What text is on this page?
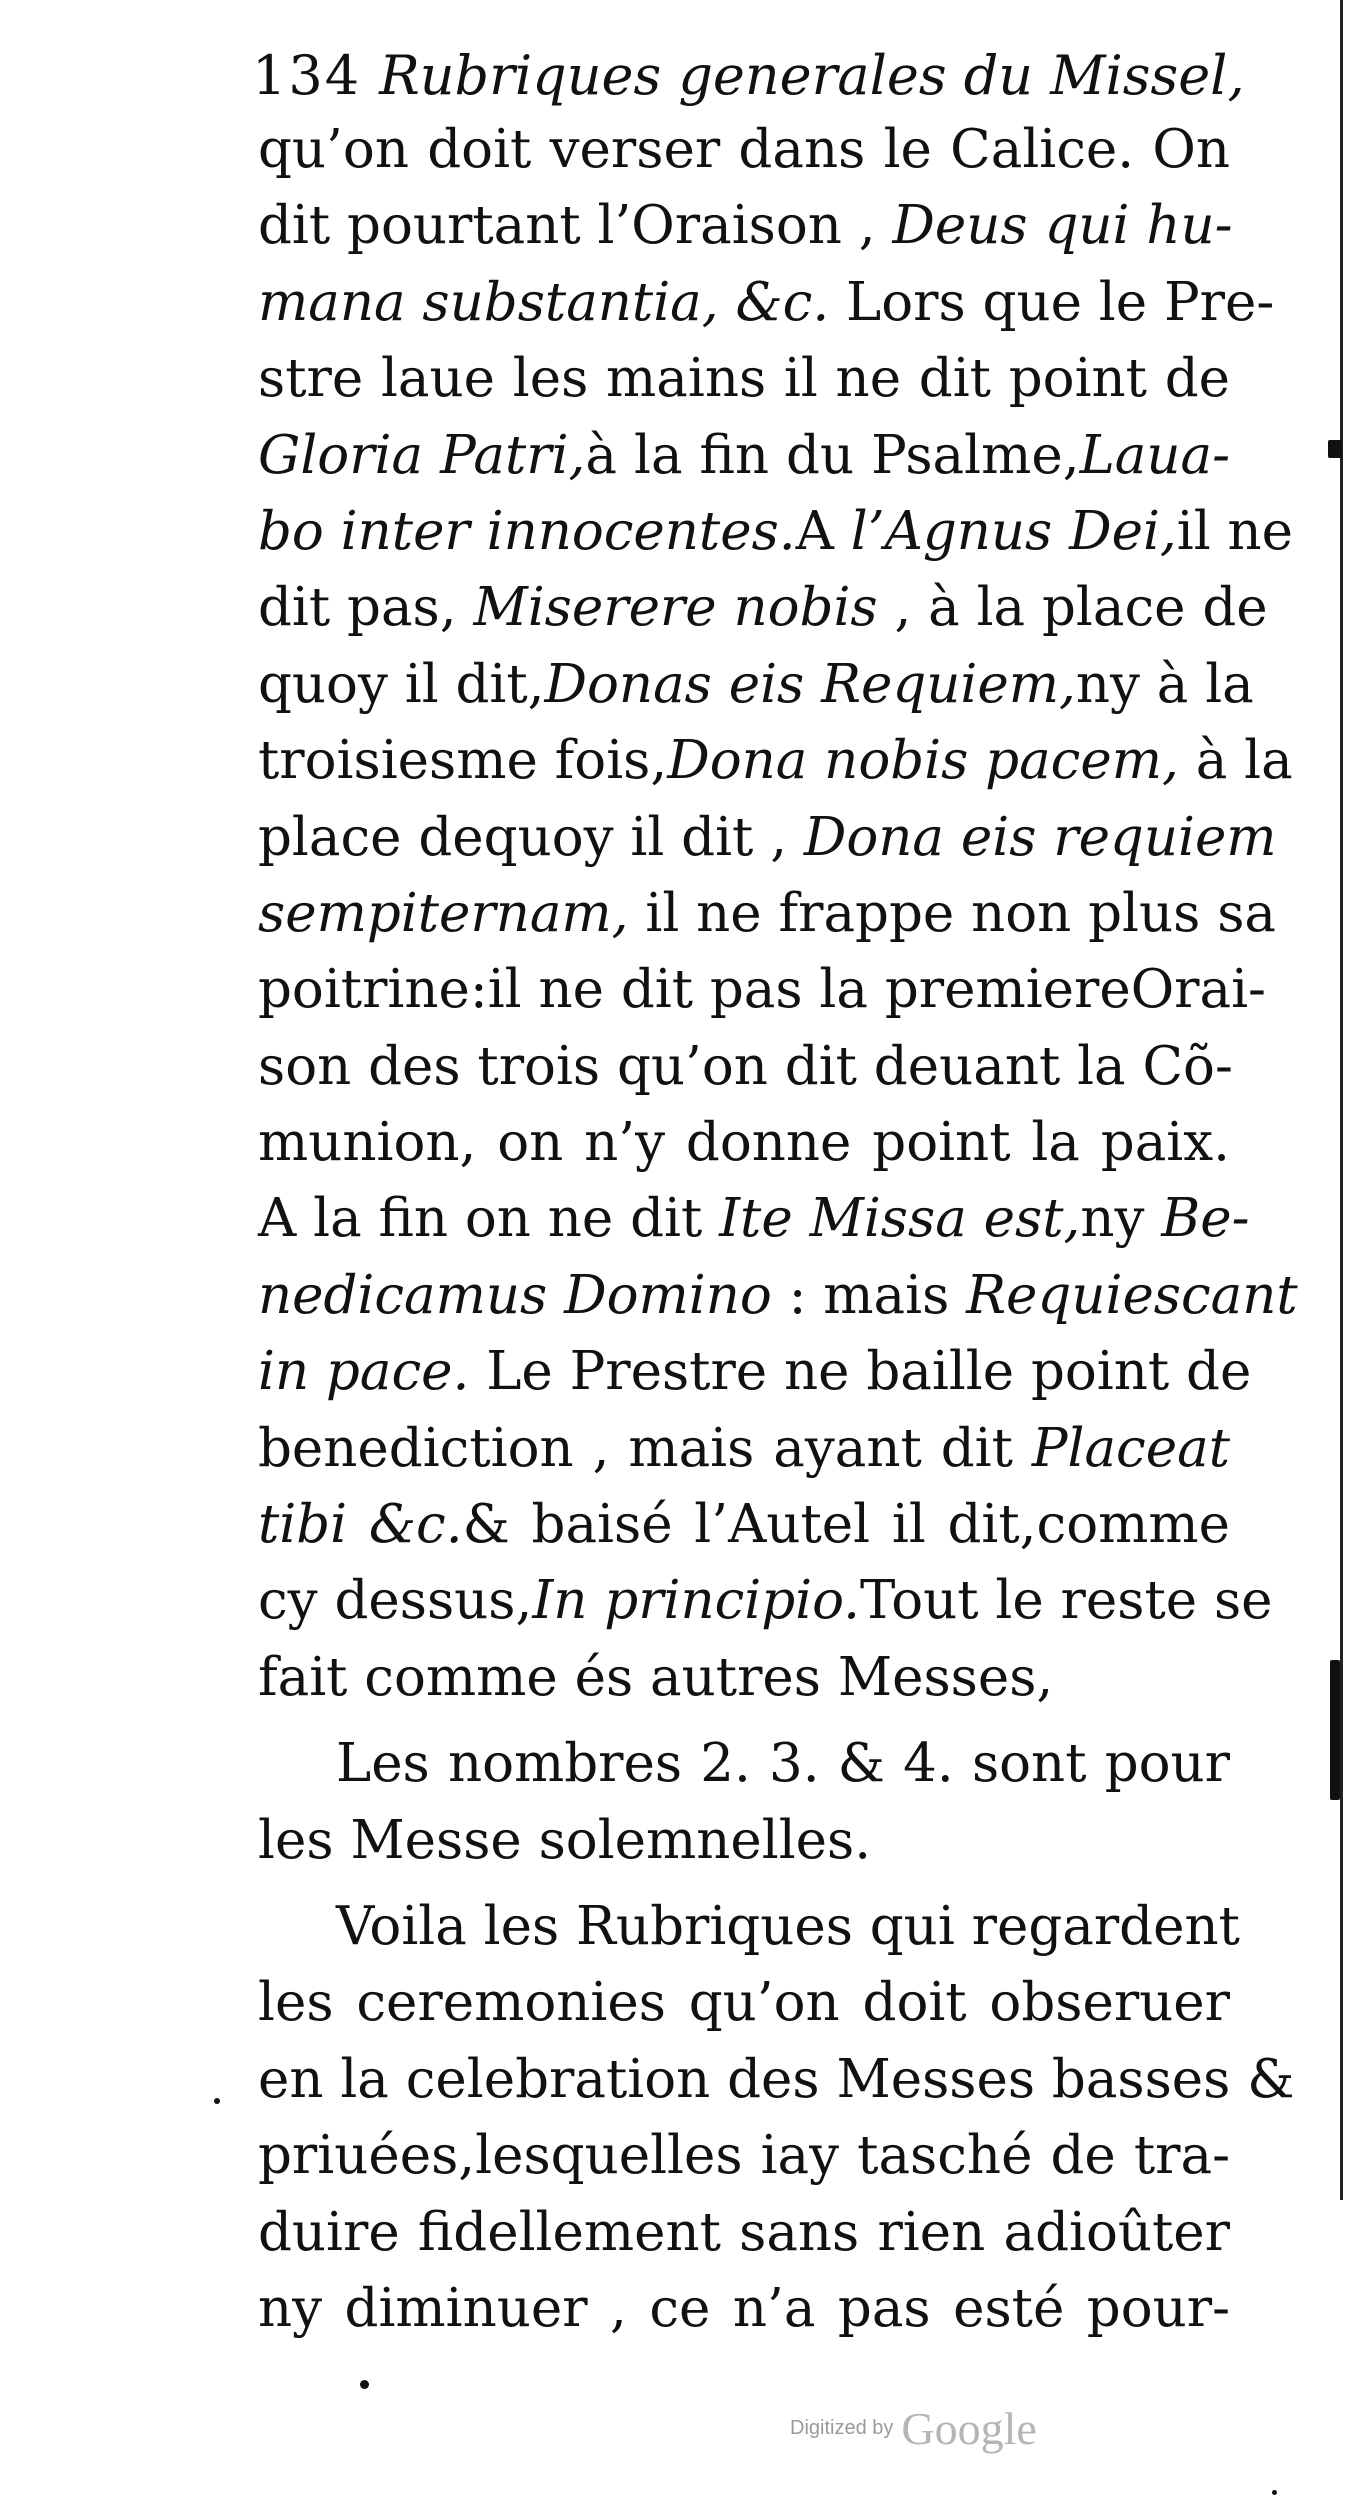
134 Rubriques generales du Missel,
qu’on doit verser dans le Calice. On
dit pourtant l’Oraison , Deus qui hu-
mana substantia, &c. Lors que le Pre-
stre laue les mains il ne dit point de
Gloria Patri,à la fin du Psalme,Laua-
bo inter innocentes.A l’Agnus Dei,il ne
dit pas, Miserere nobis , à la place de
quoy il dit,Donas eis Requiem,ny à la
troisiesme fois,Dona nobis pacem, à la
place dequoy il dit , Dona eis requiem
sempiternam, il ne frappe non plus sa
poitrine:il ne dit pas la premiereOrai-
son des trois qu’on dit deuant la Cõ-
munion, on n’y donne point la paix.
A la fin on ne dit Ite Missa est,ny Be-
nedicamus Domino : mais Requiescant
in pace. Le Prestre ne baille point de
benediction , mais ayant dit Placeat
tibi &c.& baisé l’Autel il dit,comme
cy dessus,In principio.Tout le reste se
fait comme és autres Messes,
Les nombres 2. 3. & 4. sont pour
les Messe solemnelles.
Voila les Rubriques qui regardent
les ceremonies qu’on doit obseruer
en la celebration des Messes basses &
priuées,lesquelles iay tasché de tra-
duire fidellement sans rien adioûter
ny diminuer , ce n’a pas esté pour-
Digitized by Google
